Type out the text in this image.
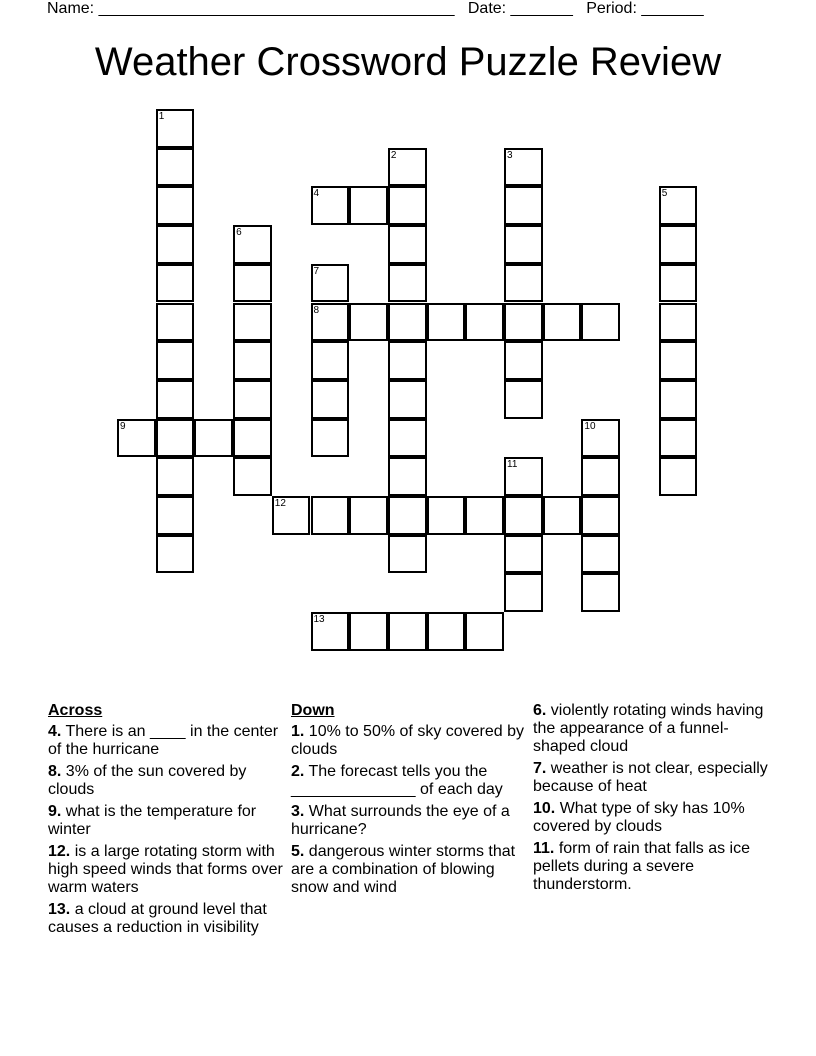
Name: ________________________________________ Date: _______ Period: _______
Weather Crossword Puzzle Review
1
2	3
4	5
6
7
8
9	10
11
12
13
Across
4. There is an ____ in the center of the hurricane
8. 3% of the sun covered by clouds
9. what is the temperature for winter
12. is a large rotating storm with high speed winds that forms over warm waters
13. a cloud at ground level that causes a reduction in visibility
Down
1. 10% to 50% of sky covered by clouds
2. The forecast tells you the ______________ of each day
3. What surrounds the eye of a hurricane?
5. dangerous winter storms that are a combination of blowing snow and wind
6. violently rotating winds having the appearance of a funnel-shaped cloud
7. weather is not clear, especially because of heat
10. What type of sky has 10% covered by clouds
11. form of rain that falls as ice pellets during a severe thunderstorm.
